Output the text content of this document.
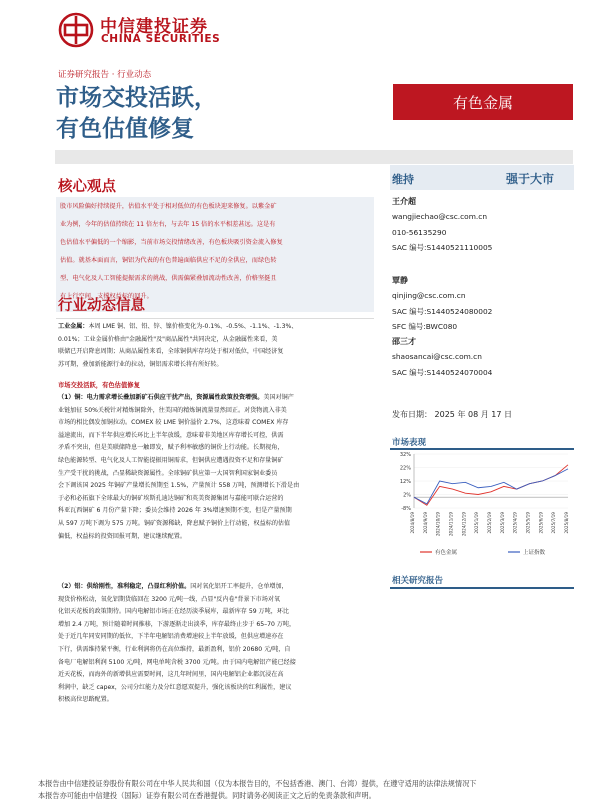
中信建投证券
CHINA SECURITIES
证券研究报告 · 行业动态
市场交投活跃，
有色估值修复
有色金属
核心观点
股市风险偏好持续提升，估值水平处于相对低位的有色板块迎来修复。以紫金矿
业为例，今年的估值持续在 11 倍左右，与去年 15 倍的水平相差甚远。这是有
色估值水平偏低的一个缩影，当前市场交投情绪改善，有色板块吸引资金流入修复
估值。就基本面而言，铜铝为代表的有色普遍面临供应不足的全供应，而绿色转
型、电气化及人工智能提振需求的挑战，供需偏紧叠加流动性改善，价格坚挺且
有上行空间，支撑权益标的回升。
行业动态信息

工业金属：本周 LME 铜、铝、铅、锌、镍价格变化为-0.1%、-0.5%、-1.1%、-1.3%、

0.01%；工业金属价格由"金融属性"及"商品属性"共同决定，从金融属性来看，美

联储已开启降息周期；从商品属性来看，全球铜供库存均处于相对低位，中国经济复

苏可期，叠加新能源行业的拉动，铜铝需求增长将有所好转。

市场交投活跃，有色估值修复

（1）铜：电力需求增长叠加新矿石供应干扰产出，资源属性政策投资增强。美国对铜产

业链加征 50%关税针对精炼铜除外，往美国的精炼铜流量显然回正。对货物流入非美

市场的相比偶发加铜拉动。COMEX 较 LME 铜价溢价 2.7%，这意味着 COMEX 库存

溢速流出，而下半年供应增长环比上半年放缓，意味着非美地区库存增长可控，供需

矛盾不突出，但是美联储降息一触即发，赋予利率敏感的铜价上行动能。长期视角，

绿色能源转型、电气化及人工智能提振用铜需求，但铜供应遭遇投资不足和存量铜矿

生产受干扰的挑战，凸显稀缺资源属性。全球铜矿供应第一大国智利国家铜业委员

会下调该国 2025 年铜矿产量增长预期至 1.5%，产量预计 558 万吨，预测增长下滑是由

于必和必拓旗下全球最大的铜矿埃斯孔迪达铜矿和英美资源集团与嘉能可联合运营的

科亚瓦西铜矿 6 月份产量下降；委员会维持 2026 年 3%增速预期不变，但是产量预期

从 597 万吨下调为 575 万吨。铜矿资源稀缺，降息赋予铜价上行动能，权益标的估值

偏低，权益标的投资回报可期，建议继续配置。

（2）铝：供给刚性，准利稳定，凸显红利价值。国对氧化铝开工率提升，仓单增加，

现货价格松动，氧化铝期货临回在 3200 元/吨一线，凸显"反内卷"背景下市场对氧

化铝天花板的政策期待。国内电解铝市场正在经历淡季展库，最新库存 59 万吨，环比

增加 2.4 万吨，预计随着时间推移，下游逐渐走出淡季，库存最终止步于 65–70 万吨，

处于近几年同安同期的低位，下半年电解铝消费增速较上半年放缓，但供应增速亦在

下行，供需维持紧平衡，行业利润将仍在高位维持，最新盈利，铝价 20680 元/吨，自

备电厂电解铝利润 5100 元/吨，网电单吨含税 3700 元/吨。由于国内电解铝产能已经接

近天花板，而海外的新增供应需要时间，这几年时间里，国内电解铝企业都沉浸在高

利润中，缺乏 capex，公司分红能力及分红意愿双提升，强化该板块的红利属性，建议

积极高位思路配置。

维持	强于大市
王介超
wangjiechao@csc.com.cn
010-56135290
SAC 编号:S1440521110005
覃静
qinjing@csc.com.cn
SAC 编号:S1440524080002
SFC 编号:BWC080
邵三才
shaosancai@csc.com.cn
SAC 编号:S1440524070004
发布日期： 2025 年 08 月 17 日
市场表现
32%
22%
12%
2%
-8%
2024/8/19 2024/9/19 2024/10/19 2024/11/19 2024/12/19 2025/1/19 2025/2/19 2025/3/19 2025/4/19 2025/5/19 2025/6/19 2025/7/19 2025/8/19
有色金属	上证指数
相关研究报告
本报告由中信建投证券股份有限公司在中华人民共和国（仅为本报告目的，不包括香港、澳门、台湾）提供，在遵守适用的法律法规情况下
本报告亦可能由中信建投（国际）证券有限公司在香港提供。同时请务必阅读正文之后的免责条款和声明。
